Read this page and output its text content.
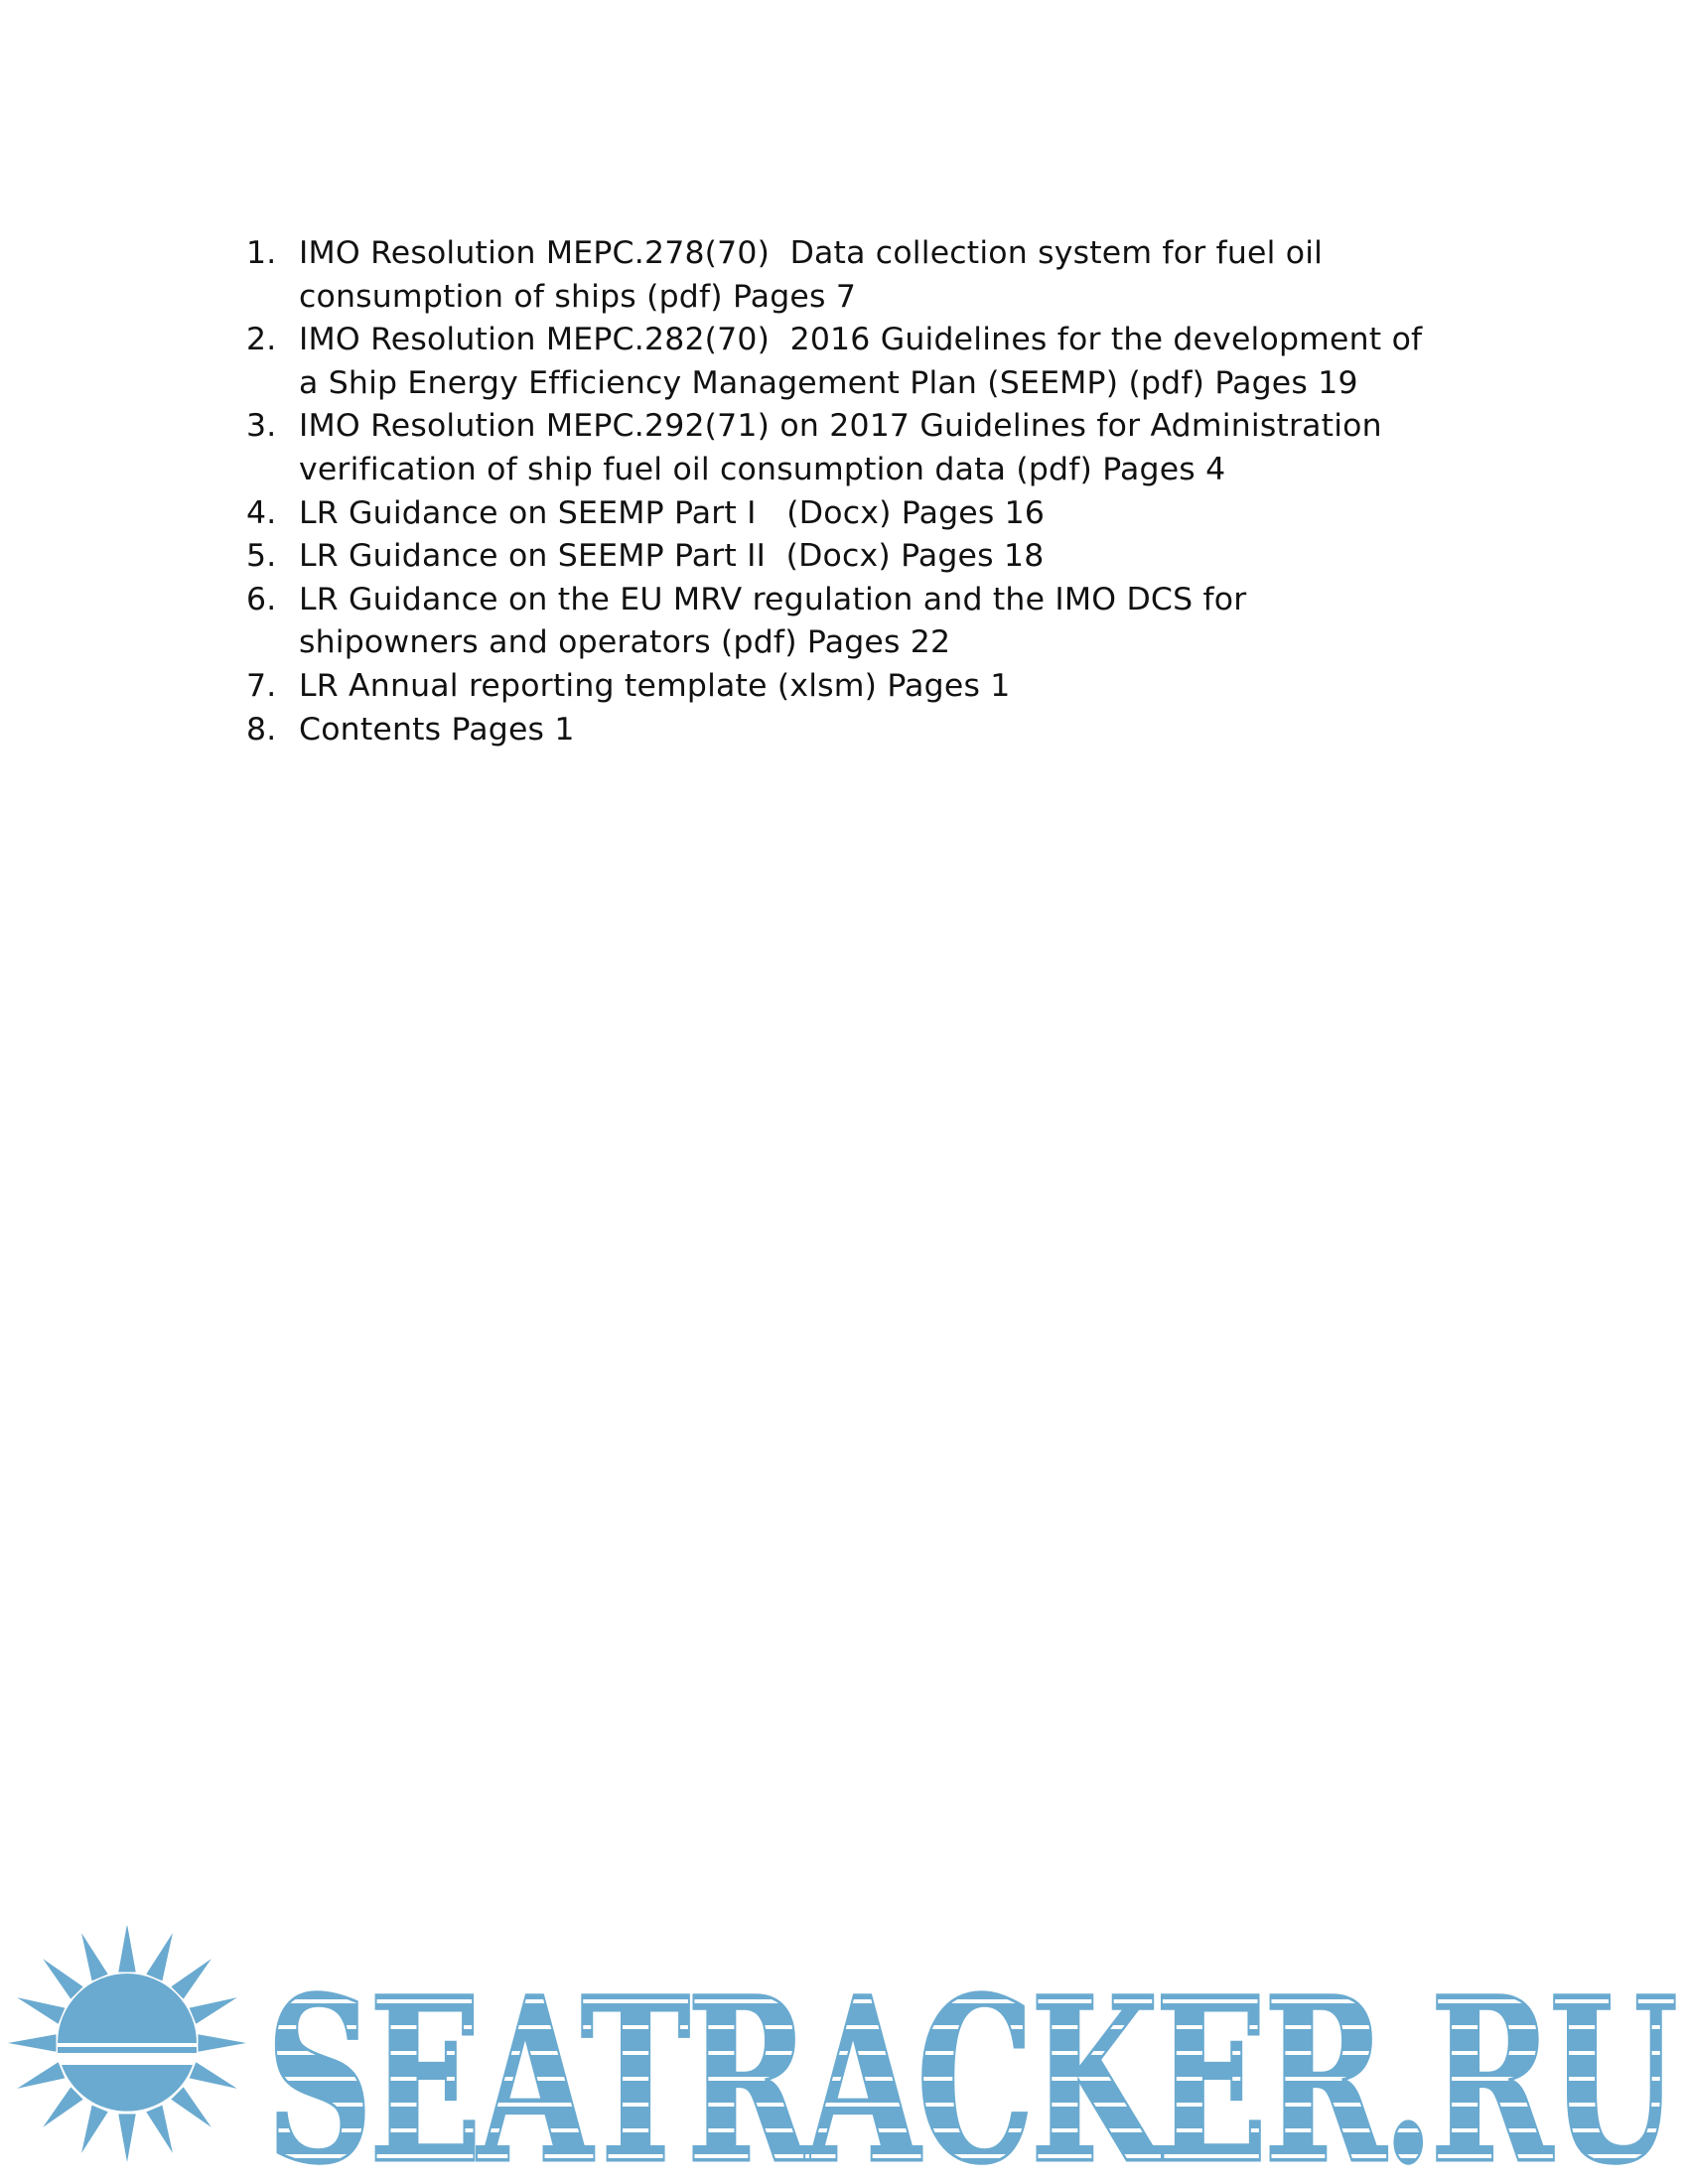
1. IMO Resolution MEPC.278(70)  Data collection system for fuel oil
consumption of ships (pdf) Pages 7
2. IMO Resolution MEPC.282(70)  2016 Guidelines for the development of
a Ship Energy Efficiency Management Plan (SEEMP) (pdf) Pages 19
3. IMO Resolution MEPC.292(71) on 2017 Guidelines for Administration
verification of ship fuel oil consumption data (pdf) Pages 4
4. LR Guidance on SEEMP Part I   (Docx) Pages 16
5. LR Guidance on SEEMP Part II  (Docx) Pages 18
6. LR Guidance on the EU MRV regulation and the IMO DCS for
shipowners and operators (pdf) Pages 22
7. LR Annual reporting template (xlsm) Pages 1
8. Contents Pages 1
SEATRACKER.RU
